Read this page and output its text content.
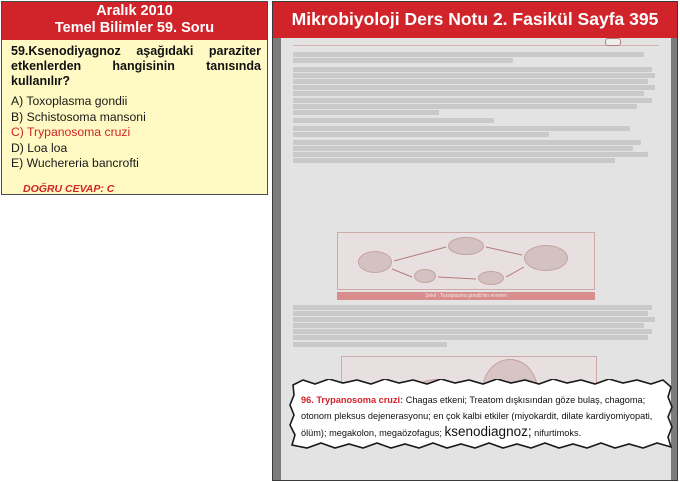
Aralık 2010
Temel Bilimler 59. Soru
59.Ksenodiyagnoz aşağıdaki paraziter etkenlerden hangisinin tanısında kullanılır?
A) Toxoplasma gondii
B) Schistosoma mansoni
C) Trypanosoma cruzi
D) Loa loa
E) Wuchereria bancrofti
DOĞRU CEVAP: C
Mikrobiyoloji Ders Notu 2. Fasikül Sayfa 395
Şekil : Toxoplasma gondii'nin evreleri
96. Trypanosoma cruzi: Chagas etkeni; Treatom dışkısından göze bulaş, chagoma; otonom pleksus dejenerasyonu; en çok kalbi etkiler (miyokardit, dilate kardiyomiyopati, ölüm); megakolon, megaözofagus; ksenodiagnoz; nifurtimoks.
